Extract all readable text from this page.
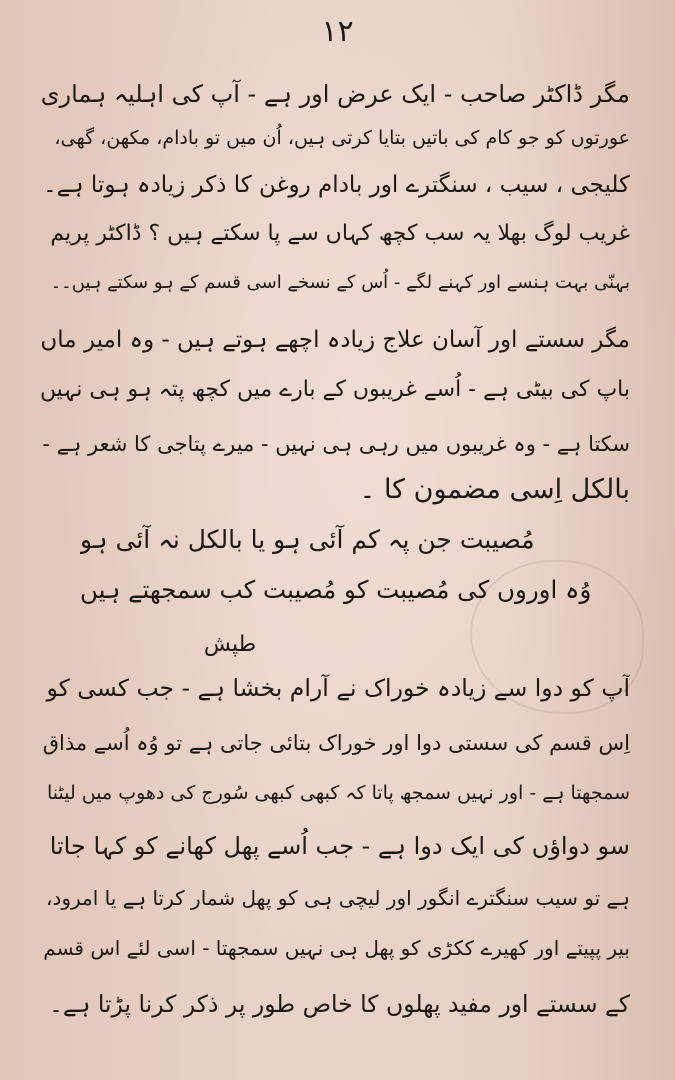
١٢
مگر ڈاکٹر صاحب - ایک عرض اور ہے - آپ کی اہلیہ ہماری
عورتوں کو جو کام کی باتیں بتایا کرتی ہیں، اُن میں تو بادام، مکھن، گھی،
کلیجی ، سیب ، سنگترے اور بادام روغن کا ذکر زیادہ ہوتا ہے۔
غریب لوگ بھلا یہ سب کچھ کہاں سے پا سکتے ہیں ؟ ڈاکٹر پریم
بہنّی بہت ہنسے اور کہنے لگے - اُس کے نسخے اسی قسم کے ہو سکتے ہیں۔۔
مگر سستے اور آسان علاج زیادہ اچھے ہوتے ہیں - وہ امیر ماں
باپ کی بیٹی ہے - اُسے غریبوں کے بارے میں کچھ پتہ ہو ہی نہیں
سکتا ہے - وہ غریبوں میں رہی ہی نہیں - میرے پتاجی کا شعر ہے -
بالکل اِسی مضمون کا ۔
مُصیبت جن پہ کم آئی ہو یا بالکل نہ آئی ہو
وُہ اوروں کی مُصیبت کو مُصیبت کب سمجھتے ہیں
طپش
آپ کو دوا سے زیادہ خوراک نے آرام بخشا ہے - جب کسی کو
اِس قسم کی سستی دوا اور خوراک بتائی جاتی ہے تو وُہ اُسے مذاق
سمجھتا ہے - اور نہیں سمجھ پاتا کہ کبھی کبھی سُورج کی دھوپ میں لیٹنا
سو دواؤں کی ایک دوا ہے - جب اُسے پھل کھانے کو کہا جاتا
ہے تو سیب سنگترے انگور اور لیچی ہی کو پھل شمار کرتا ہے یا امرود،
بیر پپیتے اور کھیرے ککڑی کو پھل ہی نہیں سمجھتا - اسی لئے اس قسم
کے سستے اور مفید پھلوں کا خاص طور پر ذکر کرنا پڑتا ہے۔
